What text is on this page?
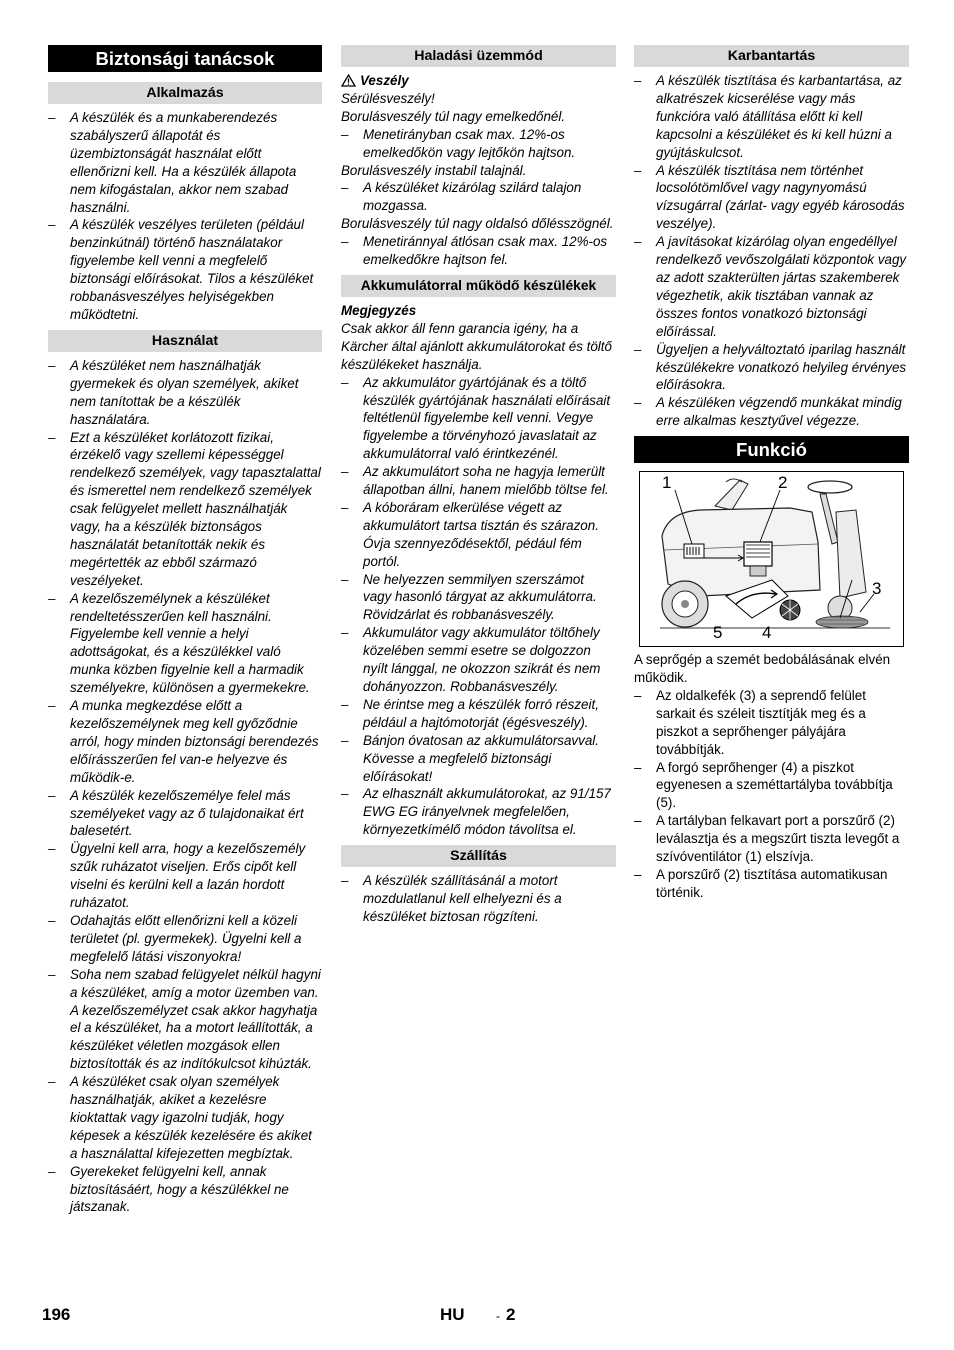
Biztonsági tanácsok
Alkalmazás
– A készülék és a munkaberendezés szabályszerű állapotát és üzembiztonságát használat előtt ellenőrizni kell. Ha a készülék állapota nem kifogástalan, akkor nem szabad használni.
– A készülék veszélyes területen (például benzinkútnál) történő használatakor figyelembe kell venni a megfelelő biztonsági előírásokat. Tilos a készüléket robbanásveszélyes helyiségekben működtetni.
Használat
– A készüléket nem használhatják gyermekek és olyan személyek, akiket nem tanítottak be a készülék használatára.
– Ezt a készüléket korlátozott fizikai, érzékelő vagy szellemi képességgel rendelkező személyek, vagy tapasztalattal és ismerettel nem rendelkező személyek csak felügyelet mellett használhatják vagy, ha a készülék biztonságos használatát betanították nekik és megértették az ebből származó veszélyeket.
– A kezelőszemélynek a készüléket rendeltetésszerűen kell használni. Figyelembe kell vennie a helyi adottságokat, és a készülékkel való munka közben figyelnie kell a harmadik személyekre, különösen a gyermekekre.
– A munka megkezdése előtt a kezelőszemélynek meg kell győződnie arról, hogy minden biztonsági berendezés előírásszerűen fel van-e helyezve és működik-e.
– A készülék kezelőszemélye felel más személyeket vagy az ő tulajdonaikat ért balesetért.
– Ügyelni kell arra, hogy a kezelőszemély szűk ruházatot viseljen. Erős cipőt kell viselni és kerülni kell a lazán hordott ruházatot.
– Odahajtás előtt ellenőrizni kell a közeli területet (pl. gyermekek). Ügyelni kell a megfelelő látási viszonyokra!
– Soha nem szabad felügyelet nélkül hagyni a készüléket, amíg a motor üzemben van. A kezelőszemélyzet csak akkor hagyhatja el a készüléket, ha a motort leállították, a készüléket véletlen mozgások ellen biztosították és az indítókulcsot kihúzták.
– A készüléket csak olyan személyek használhatják, akiket a kezelésre kioktattak vagy igazolni tudják, hogy képesek a készülék kezelésére és akiket a használattal kifejezetten megbíztak.
– Gyerekeket felügyelni kell, annak biztosításáért, hogy a készülékkel ne játszanak.
Haladási üzemmód
Veszély

Sérülésveszély!

Borulásveszély túl nagy emelkedőnél.

– Menetirányban csak max. 12%-os emelkedőkön vagy lejtőkön hajtson.

Borulásveszély instabil talajnál.

– A készüléket kizárólag szilárd talajon mozgassa.

Borulásveszély túl nagy oldalsó dőlésszögnél.

– Menetiránnyal átlósan csak max. 12%-os emelkedőkre hajtson fel.
Akkumulátorral működő készülékek

Megjegyzés

Csak akkor áll fenn garancia igény, ha a Kärcher által ajánlott akkumulátorokat és töltő készülékeket használja.

– Az akkumulátor gyártójának és a töltő készülék gyártójának használati előírásait feltétlenül figyelembe kell venni. Vegye figyelembe a törvényhozó javaslatait az akkumulátorral való érintkezénél.
– Az akkumulátort soha ne hagyja lemerült állapotban állni, hanem mielőbb töltse fel.
– A kóboráram elkerülése végett az akkumulátort tartsa tisztán és szárazon. Óvja szennyeződésektől, pédául fém portól.
– Ne helyezzen semmilyen szerszámot vagy hasonló tárgyat az akkumulátorra. Rövidzárlat és robbanásveszély.
– Akkumulátor vagy akkumulátor töltőhely közelében semmi esetre se dolgozzon nyílt lánggal, ne okozzon szikrát és nem dohányozzon. Robbanásveszély.
– Ne érintse meg a készülék forró részeit, például a hajtómotorját (égésveszély).
– Bánjon óvatosan az akkumulátorsavval. Kövesse a megfelelő biztonsági előírásokat!
– Az elhasznált akkumulátorokat, az 91/157 EWG EG irányelvnek megfelelően, környezetkímélő módon távolítsa el.
Szállítás
– A készülék szállításánál a motort mozdulatlanul kell elhelyezni és a készüléket biztosan rögzíteni.
Karbantartás
– A készülék tisztítása és karbantartása, az alkatrészek kicserélése vagy más funkcióra való átállítása előtt ki kell kapcsolni a készüléket és ki kell húzni a gyújtáskulcsot.
– A készülék tisztítása nem történhet locsolótömlővel vagy nagynyomású vízsugárral (zárlat- vagy egyéb károsodás veszélye).
– A javításokat kizárólag olyan engedéllyel rendelkező vevőszolgálati központok vagy az adott szakterülten jártas szakemberek végezhetik, akik tisztában vannak az összes fontos vonatkozó biztonsági előírással.
– Ügyeljen a helyváltoztató iparilag használt készülékekre vonatkozó helyileg érvényes előírásokra.
– A készüléken végzendő munkákat mindig erre alkalmas kesztyűvel végezze.
Funkció
1	2
3
4
5

A seprőgép a szemét bedobálásának elvén működik.

– Az oldalkefék (3) a seprendő felület sarkait és széleit tisztítják meg és a piszkot a seprőhenger pályájára továbbítják.
– A forgó seprőhenger (4) a piszkot egyenesen a szeméttartályba továbbítja (5).
– A tartályban felkavart port a porszűrő (2) leválasztja és a megszűrt tiszta levegőt a szívóventilátor (1) elszívja.
– A porszűrő (2) tisztítása automatikusan történik.
196	HU	- 2
